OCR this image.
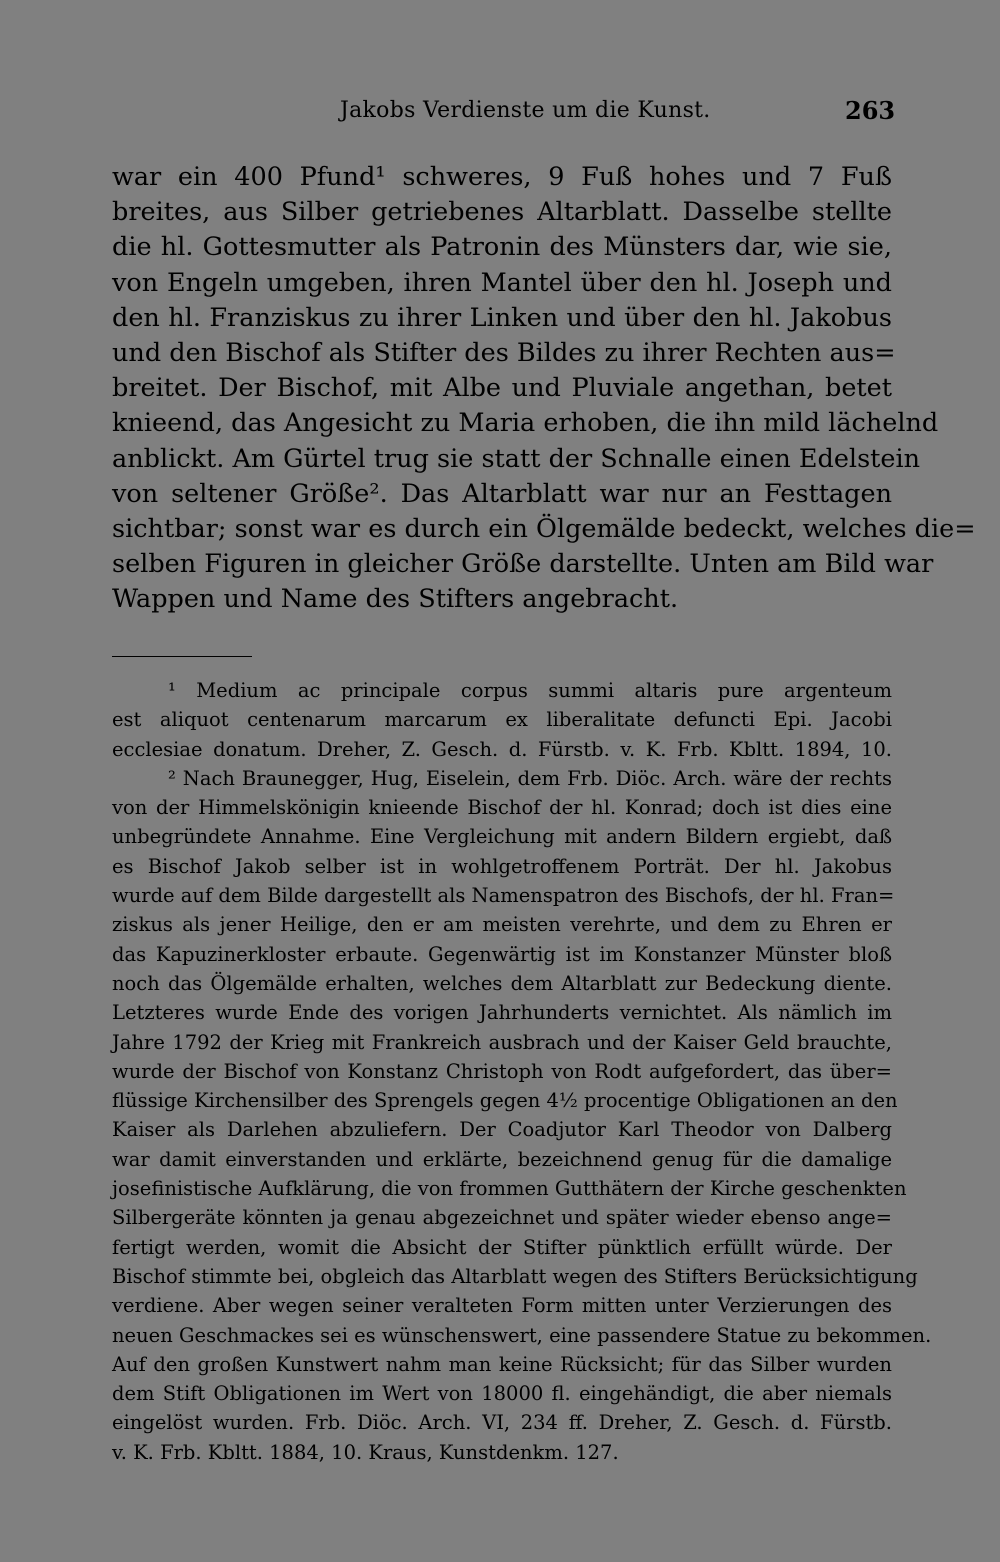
Jakobs Verdienste um die Kunst.	263
war ein 400 Pfund¹ schweres, 9 Fuß hohes und 7 Fuß
breites, aus Silber getriebenes Altarblatt. Dasselbe stellte
die hl. Gottesmutter als Patronin des Münsters dar, wie sie,
von Engeln umgeben, ihren Mantel über den hl. Joseph und
den hl. Franziskus zu ihrer Linken und über den hl. Jakobus
und den Bischof als Stifter des Bildes zu ihrer Rechten aus=
breitet. Der Bischof, mit Albe und Pluviale angethan, betet
knieend, das Angesicht zu Maria erhoben, die ihn mild lächelnd
anblickt. Am Gürtel trug sie statt der Schnalle einen Edelstein
von seltener Größe². Das Altarblatt war nur an Festtagen
sichtbar; sonst war es durch ein Ölgemälde bedeckt, welches die=
selben Figuren in gleicher Größe darstellte. Unten am Bild war
Wappen und Name des Stifters angebracht.
¹ Medium ac principale corpus summi altaris pure argenteum
est aliquot centenarum marcarum ex liberalitate defuncti Epi. Jacobi
ecclesiae donatum. Dreher, Z. Gesch. d. Fürstb. v. K. Frb. Kbltt. 1894, 10.
² Nach Braunegger, Hug, Eiselein, dem Frb. Diöc. Arch. wäre der rechts
von der Himmelskönigin knieende Bischof der hl. Konrad; doch ist dies eine
unbegründete Annahme. Eine Vergleichung mit andern Bildern ergiebt, daß
es Bischof Jakob selber ist in wohlgetroffenem Porträt. Der hl. Jakobus
wurde auf dem Bilde dargestellt als Namenspatron des Bischofs, der hl. Fran=
ziskus als jener Heilige, den er am meisten verehrte, und dem zu Ehren er
das Kapuzinerkloster erbaute. Gegenwärtig ist im Konstanzer Münster bloß
noch das Ölgemälde erhalten, welches dem Altarblatt zur Bedeckung diente.
Letzteres wurde Ende des vorigen Jahrhunderts vernichtet. Als nämlich im
Jahre 1792 der Krieg mit Frankreich ausbrach und der Kaiser Geld brauchte,
wurde der Bischof von Konstanz Christoph von Rodt aufgefordert, das über=
flüssige Kirchensilber des Sprengels gegen 4½ procentige Obligationen an den
Kaiser als Darlehen abzuliefern. Der Coadjutor Karl Theodor von Dalberg
war damit einverstanden und erklärte, bezeichnend genug für die damalige
josefinistische Aufklärung, die von frommen Gutthätern der Kirche geschenkten
Silbergeräte könnten ja genau abgezeichnet und später wieder ebenso ange=
fertigt werden, womit die Absicht der Stifter pünktlich erfüllt würde. Der
Bischof stimmte bei, obgleich das Altarblatt wegen des Stifters Berücksichtigung
verdiene. Aber wegen seiner veralteten Form mitten unter Verzierungen des
neuen Geschmackes sei es wünschenswert, eine passendere Statue zu bekommen.
Auf den großen Kunstwert nahm man keine Rücksicht; für das Silber wurden
dem Stift Obligationen im Wert von 18000 fl. eingehändigt, die aber niemals
eingelöst wurden. Frb. Diöc. Arch. VI, 234 ff. Dreher, Z. Gesch. d. Fürstb.
v. K. Frb. Kbltt. 1884, 10. Kraus, Kunstdenkm. 127.
